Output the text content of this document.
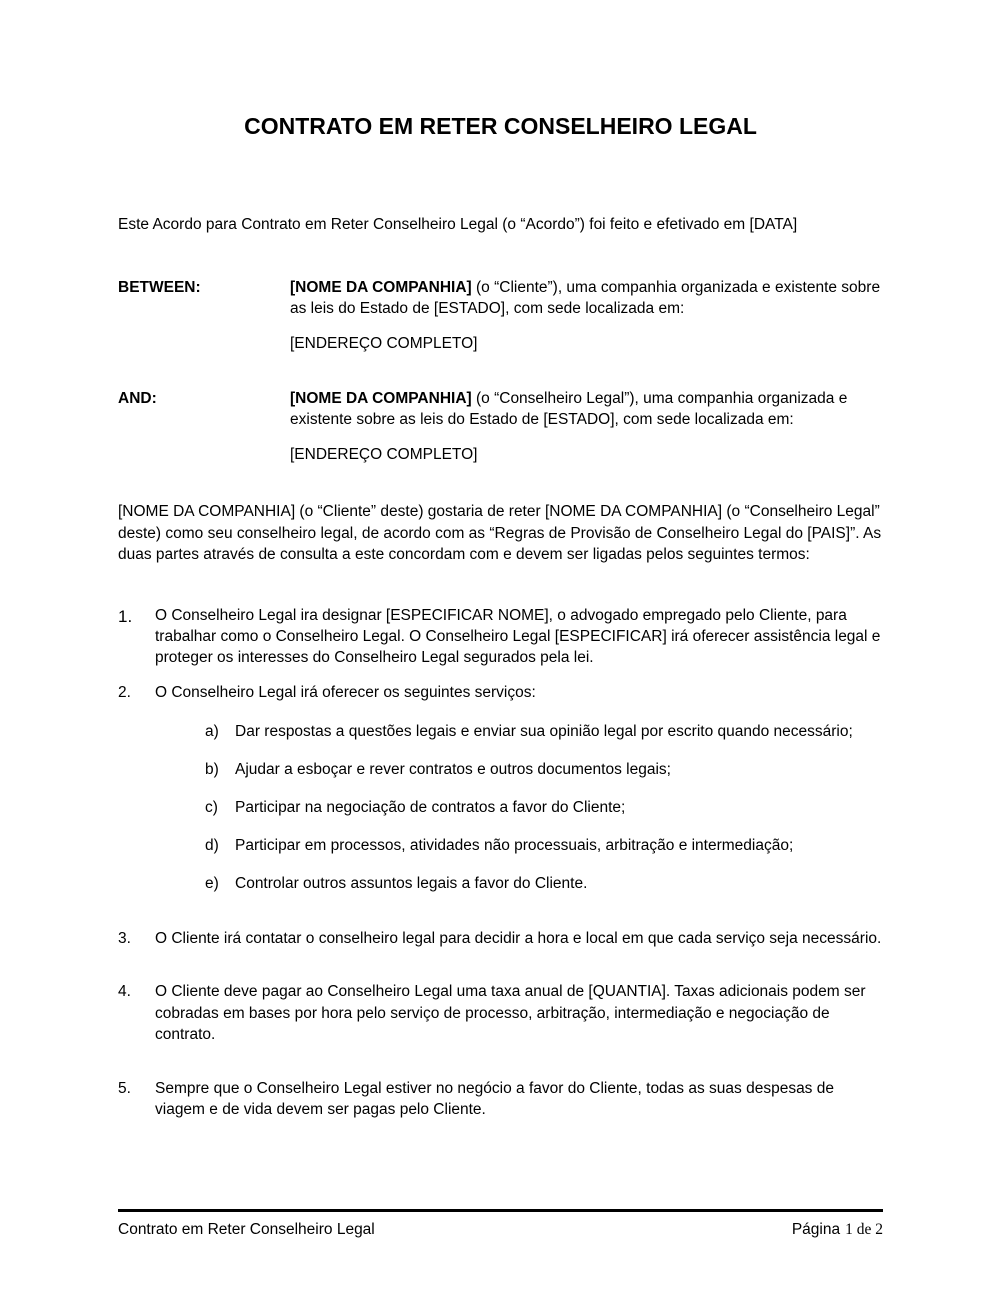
CONTRATO EM RETER CONSELHEIRO LEGAL

Este Acordo para Contrato em Reter Conselheiro Legal (o “Acordo”) foi feito e efetivado em [DATA]

BETWEEN:	[NOME DA COMPANHIA] (o “Cliente”), uma companhia organizada e existente sobre as leis do Estado de [ESTADO], com sede localizada em:

[ENDEREÇO COMPLETO]

AND:	[NOME DA COMPANHIA] (o “Conselheiro Legal”), uma companhia organizada e existente sobre as leis do Estado de [ESTADO], com sede localizada em:

[ENDEREÇO COMPLETO]

[NOME DA COMPANHIA] (o “Cliente” deste) gostaria de reter [NOME DA COMPANHIA] (o “Conselheiro Legal” deste) como seu conselheiro legal, de acordo com as “Regras de Provisão de Conselheiro Legal do [PAIS]”. As duas partes através de consulta a este concordam com e devem ser ligadas pelos seguintes termos:

1.	O Conselheiro Legal ira designar [ESPECIFICAR NOME], o advogado empregado pelo Cliente, para trabalhar como o Conselheiro Legal. O Conselheiro Legal [ESPECIFICAR] irá oferecer assistência legal e proteger os interesses do Conselheiro Legal segurados pela lei.
2.	O Conselheiro Legal irá oferecer os seguintes serviços:
a)	Dar respostas a questões legais e enviar sua opinião legal por escrito quando necessário;
b)	Ajudar a esboçar e rever contratos e outros documentos legais;
c)	Participar na negociação de contratos a favor do Cliente;
d)	Participar em processos, atividades não processuais, arbitração e intermediação;
e)	Controlar outros assuntos legais a favor do Cliente.
3.	O Cliente irá contatar o conselheiro legal para decidir a hora e local em que cada serviço seja necessário.
4.	O Cliente deve pagar ao Conselheiro Legal uma taxa anual de [QUANTIA]. Taxas adicionais podem ser cobradas em bases por hora pelo serviço de processo, arbitração, intermediação e negociação de contrato.
5.	Sempre que o Conselheiro Legal estiver no negócio a favor do Cliente, todas as suas despesas de viagem e de vida devem ser pagas pelo Cliente.
Contrato em Reter Conselheiro Legal	Página 1 de 2
